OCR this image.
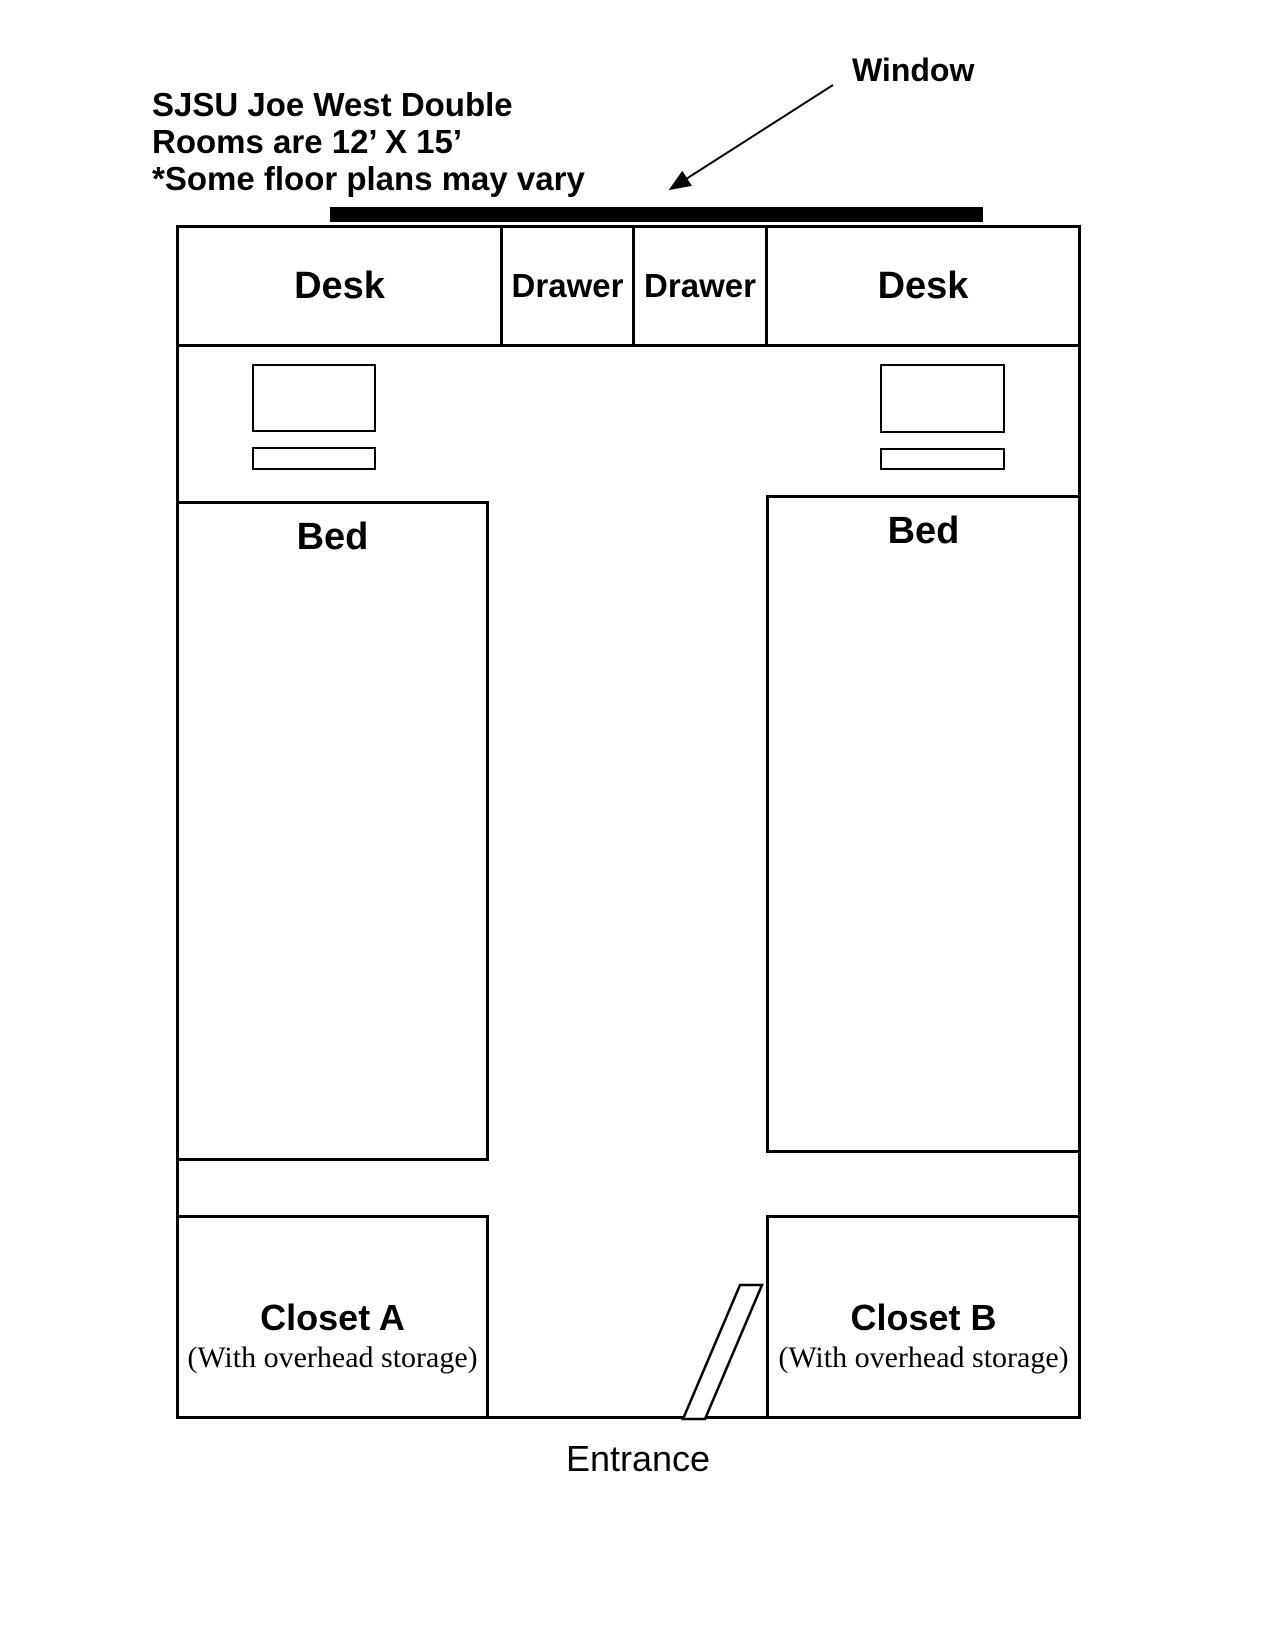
SJSU Joe West Double
Rooms are 12’ X 15’
*Some floor plans may vary
Window
Desk	Drawer Drawer	Desk
Bed	Bed
Closet A
(With overhead storage)
Closet B
(With overhead storage)
Entrance
